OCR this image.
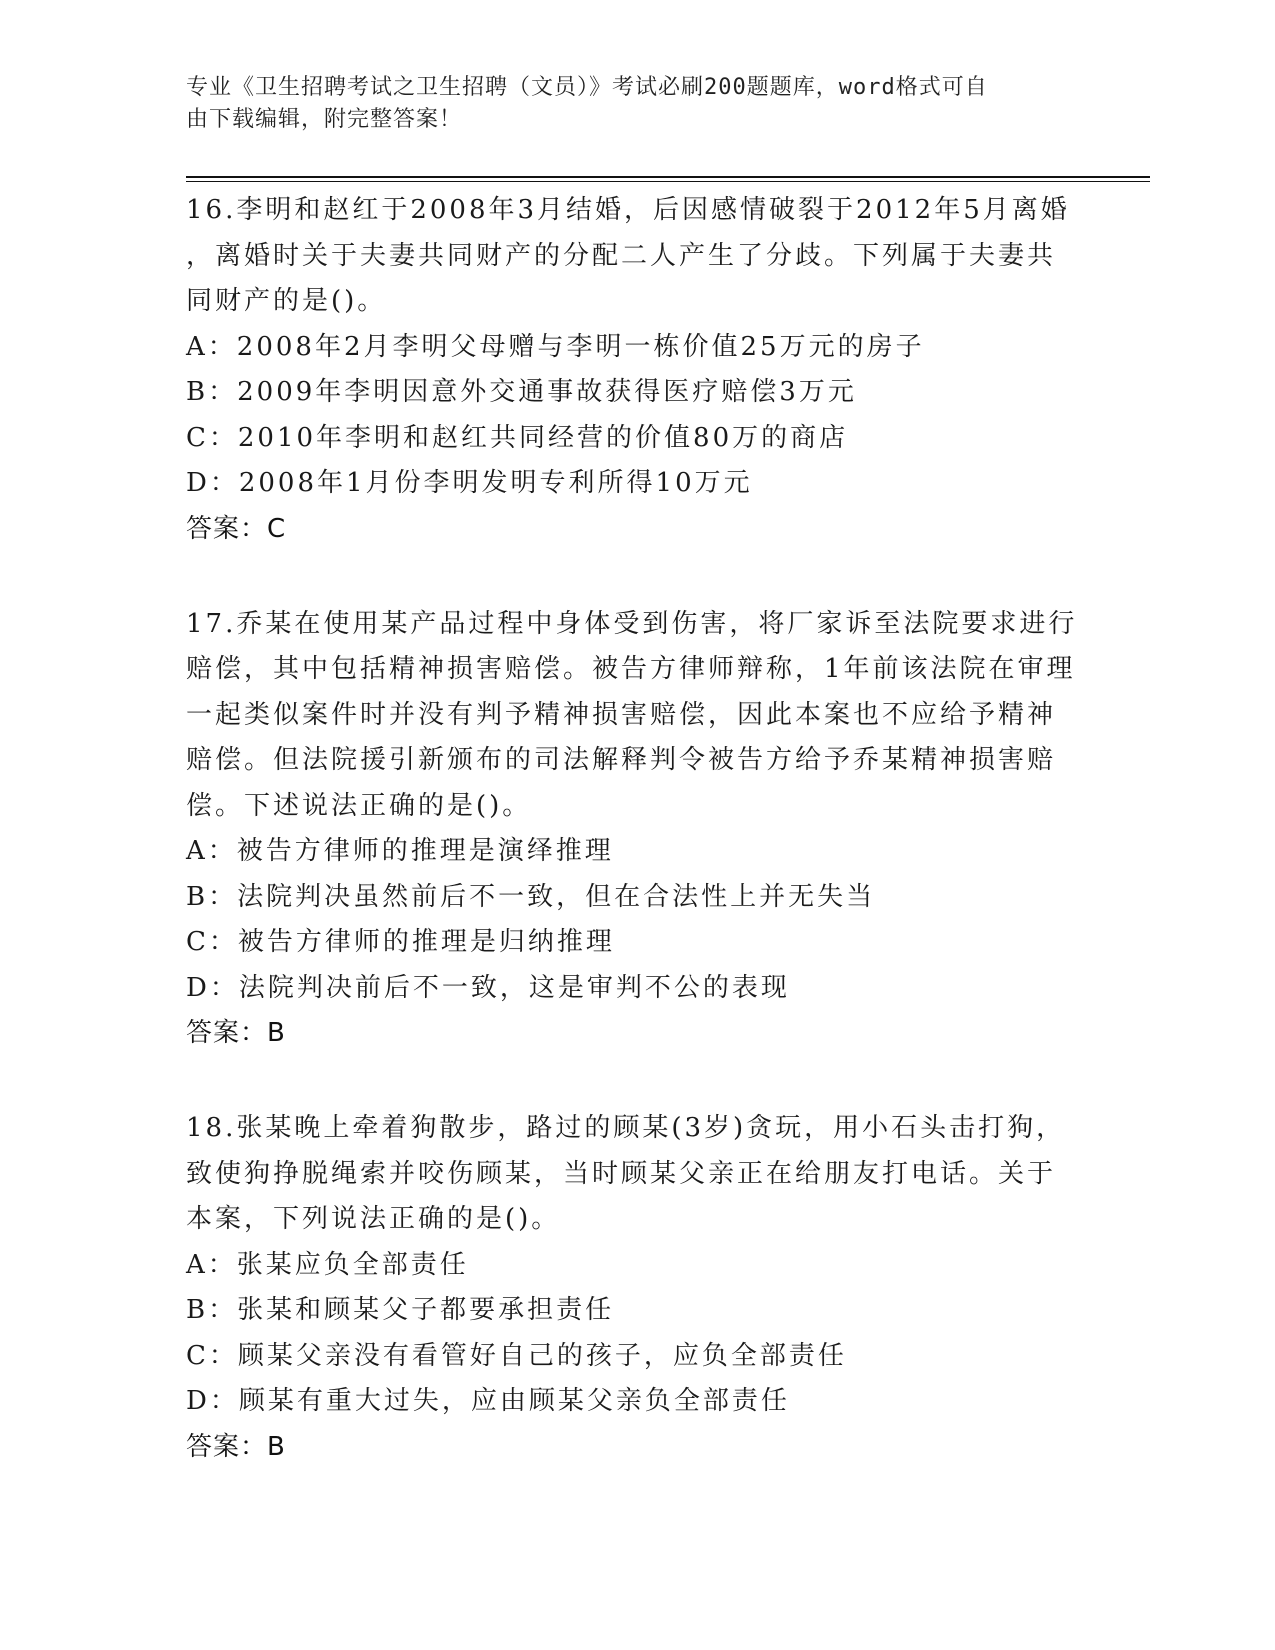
专业《卫生招聘考试之卫生招聘（文员）》考试必刷200题题库，word格式可自
由下载编辑，附完整答案！

16.李明和赵红于2008年3月结婚，后因感情破裂于2012年5月离婚

，离婚时关于夫妻共同财产的分配二人产生了分歧。下列属于夫妻共

同财产的是()。

A：2008年2月李明父母赠与李明一栋价值25万元的房子

B：2009年李明因意外交通事故获得医疗赔偿3万元

C：2010年李明和赵红共同经营的价值80万的商店

D：2008年1月份李明发明专利所得10万元

答案：C

17.乔某在使用某产品过程中身体受到伤害，将厂家诉至法院要求进行

赔偿，其中包括精神损害赔偿。被告方律师辩称，1年前该法院在审理

一起类似案件时并没有判予精神损害赔偿，因此本案也不应给予精神

赔偿。但法院援引新颁布的司法解释判令被告方给予乔某精神损害赔

偿。下述说法正确的是()。

A：被告方律师的推理是演绎推理

B：法院判决虽然前后不一致，但在合法性上并无失当

C：被告方律师的推理是归纳推理

D：法院判决前后不一致，这是审判不公的表现

答案：B

18.张某晚上牵着狗散步，路过的顾某(3岁)贪玩，用小石头击打狗，

致使狗挣脱绳索并咬伤顾某，当时顾某父亲正在给朋友打电话。关于

本案，下列说法正确的是()。

A：张某应负全部责任

B：张某和顾某父子都要承担责任

C：顾某父亲没有看管好自己的孩子，应负全部责任

D：顾某有重大过失，应由顾某父亲负全部责任

答案：B
